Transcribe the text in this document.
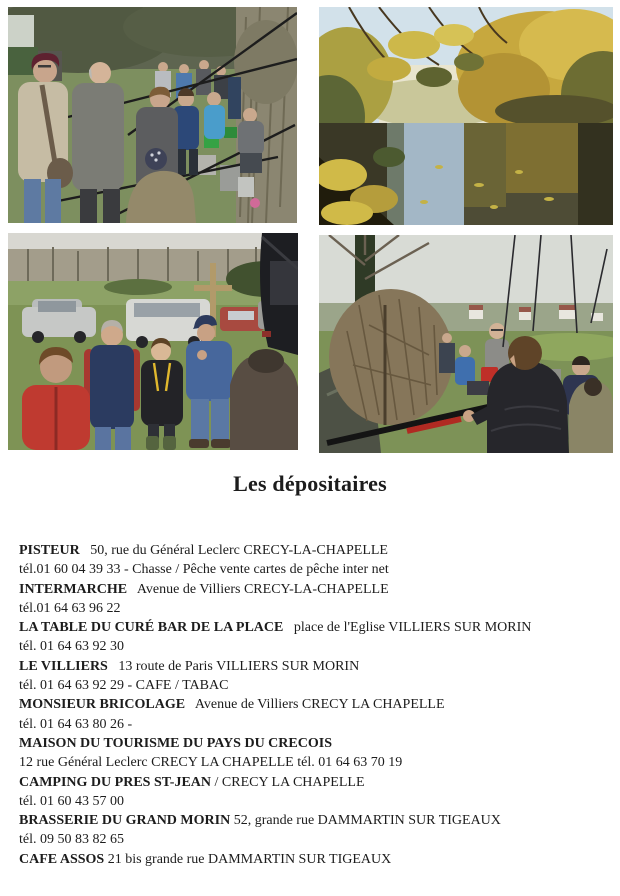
Les dépositaires

PISTEUR   50, rue du Général Leclerc CRECY-LA-CHAPELLE
tél.01 60 04 39 33 - Chasse / Pêche vente cartes de pêche inter net

INTERMARCHE   Avenue de Villiers CRECY-LA-CHAPELLE
tél.01 64 63 96 22

LA TABLE DU CURÉ BAR DE LA PLACE   place de l'Eglise VILLIERS SUR MORIN
tél. 01 64 63 92 30

LE VILLIERS   13 route de Paris VILLIERS SUR MORIN
tél. 01 64 63 92 29 - CAFE / TABAC

MONSIEUR BRICOLAGE   Avenue de Villiers CRECY LA CHAPELLE
tél. 01 64 63 80 26 -

MAISON DU TOURISME DU PAYS DU CRECOIS
12 rue Général Leclerc CRECY LA CHAPELLE tél. 01 64 63 70 19

CAMPING DU PRES ST-JEAN / CRECY LA CHAPELLE
tél. 01 60 43 57 00

BRASSERIE DU GRAND MORIN 52, grande rue DAMMARTIN SUR TIGEAUX
tél. 09 50 83 82 65

CAFE ASSOS 21 bis grande rue DAMMARTIN SUR TIGEAUX
